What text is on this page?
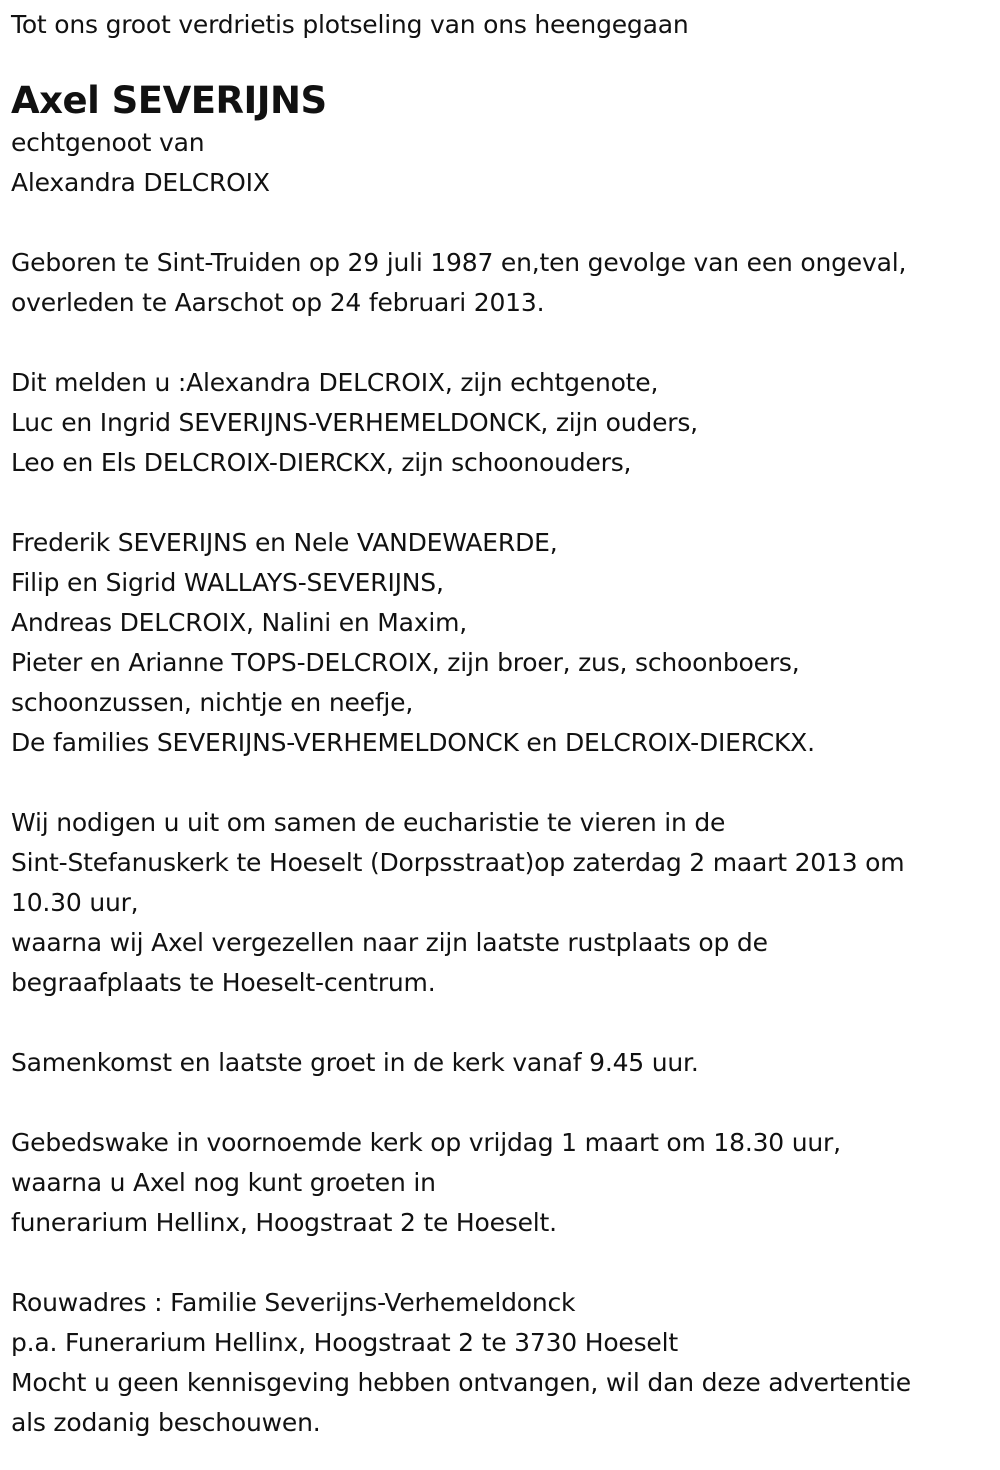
Tot ons groot verdrietis plotseling van ons heengegaan
Axel SEVERIJNS
echtgenoot van
Alexandra DELCROIX
Geboren te Sint-Truiden op 29 juli 1987 en,ten gevolge van een ongeval,
overleden te Aarschot op 24 februari 2013.
Dit melden u :Alexandra DELCROIX, zijn echtgenote,
Luc en Ingrid SEVERIJNS-VERHEMELDONCK, zijn ouders,
Leo en Els DELCROIX-DIERCKX, zijn schoonouders,
Frederik SEVERIJNS en Nele VANDEWAERDE,
Filip en Sigrid WALLAYS-SEVERIJNS,
Andreas DELCROIX, Nalini en Maxim,
Pieter en Arianne TOPS-DELCROIX, zijn broer, zus, schoonboers,
schoonzussen, nichtje en neefje,
De families SEVERIJNS-VERHEMELDONCK en DELCROIX-DIERCKX.
Wij nodigen u uit om samen de eucharistie te vieren in de
Sint-Stefanuskerk te Hoeselt (Dorpsstraat)op zaterdag 2 maart 2013 om
10.30 uur,
waarna wij Axel vergezellen naar zijn laatste rustplaats op de
begraafplaats te Hoeselt-centrum.
Samenkomst en laatste groet in de kerk vanaf 9.45 uur.
Gebedswake in voornoemde kerk op vrijdag 1 maart om 18.30 uur,
waarna u Axel nog kunt groeten in
funerarium Hellinx, Hoogstraat 2 te Hoeselt.
Rouwadres : Familie Severijns-Verhemeldonck
p.a. Funerarium Hellinx, Hoogstraat 2 te 3730 Hoeselt
Mocht u geen kennisgeving hebben ontvangen, wil dan deze advertentie
als zodanig beschouwen.
